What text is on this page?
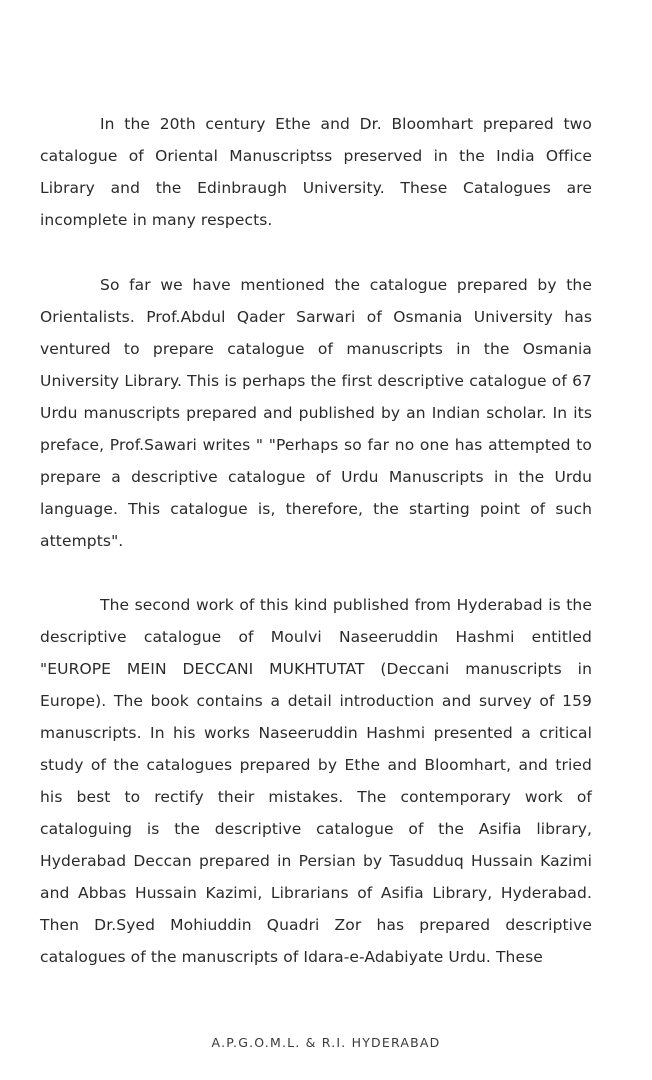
In the 20th century Ethe and Dr. Bloomhart prepared two catalogue of Oriental Manuscriptss preserved in the India Office Library and the Edinbraugh University. These Catalogues are incomplete in many respects.

So far we have mentioned the catalogue prepared by the Orientalists. Prof.Abdul Qader Sarwari of Osmania University has ventured to prepare catalogue of manuscripts in the Osmania University Library. This is perhaps the first descriptive catalogue of 67 Urdu manuscripts prepared and published by an Indian scholar. In its preface, Prof.Sawari writes " "Perhaps so far no one has attempted to prepare a descriptive catalogue of Urdu Manuscripts in the Urdu language. This catalogue is, therefore, the starting point of such attempts".

The second work of this kind published from Hyderabad is the descriptive catalogue of Moulvi Naseeruddin Hashmi entitled "EUROPE MEIN DECCANI MUKHTUTAT (Deccani manuscripts in Europe). The book contains a detail introduction and survey of 159 manuscripts. In his works Naseeruddin Hashmi presented a critical study of the catalogues prepared by Ethe and Bloomhart, and tried his best to rectify their mistakes. The contemporary work of cataloguing is the descriptive catalogue of the Asifia library, Hyderabad Deccan prepared in Persian by Tasudduq Hussain Kazimi and Abbas Hussain Kazimi, Librarians of Asifia Library, Hyderabad. Then Dr.Syed Mohiuddin Quadri Zor has prepared descriptive catalogues of the manuscripts of Idara-e-Adabiyate Urdu. These

A.P.G.O.M.L. & R.I. HYDERABAD
